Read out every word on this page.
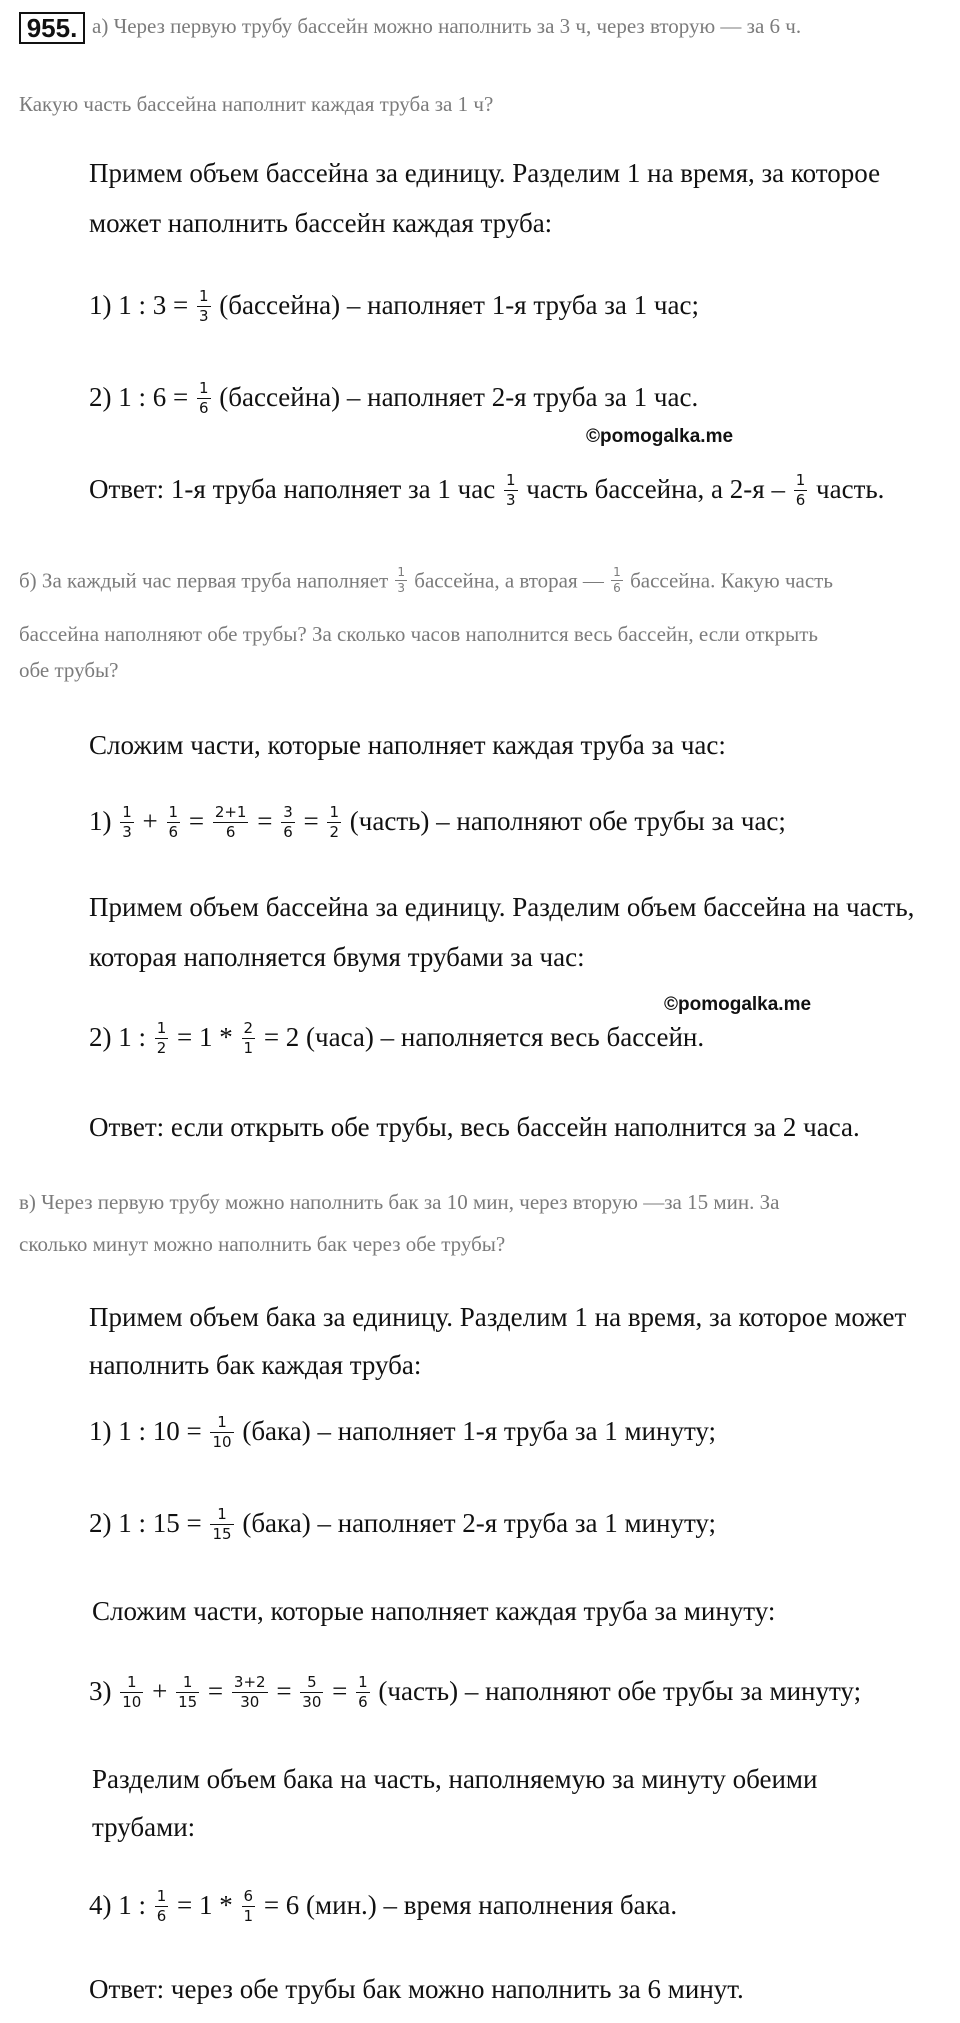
955. а) Через первую трубу бассейн можно наполнить за 3 ч, через вторую — за 6 ч.
Какую часть бассейна наполнит каждая труба за 1 ч?
Примем объем бассейна за единицу. Разделим 1 на время, за которое
может наполнить бассейн каждая труба:
1) 1 : $3 = \frac{1}{3}$ (бассейна) – наполняет 1-я труба за 1 час;
2) 1 : $6 = \frac{1}{6}$ (бассейна) – наполняет 2-я труба за 1 час.
©pomogalka.me
Ответ: 1-я труба наполняет за 1 час $\frac{1}{3}$ часть бассейна, а $2-я - \frac{1}{6}$ часть.
б) За каждый час первая труба наполняет $\frac{1}{3}$ бассейна, а вторая — $\frac{1}{6}$ бассейна. Какую часть
бассейна наполняют обе трубы? За сколько часов наполнится весь бассейн, если открыть
обе трубы?
Сложим части, которые наполняет каждая труба за час:
$1) \frac{1}{3} + \frac{1}{6} = \frac{2+1}{6} = \frac{3}{6} = \frac{1}{2}$ (часть) – наполняют обе трубы за час;
Примем объем бассейна за единицу. Разделим объем бассейна на часть,
которая наполняется бвумя трубами за час:
©pomogalka.me
2) 1 : $\frac{1}{2} = 1 * \frac{2}{1} = 2$ (часа) – наполняется весь бассейн.
Ответ: если открыть обе трубы, весь бассейн наполнится за 2 часа.
в) Через первую трубу можно наполнить бак за 10 мин, через вторую —за 15 мин. За
сколько минут можно наполнить бак через обе трубы?
Примем объем бака за единицу. Разделим 1 на время, за которое может
наполнить бак каждая труба:
1) 1 : $10 = \frac{1}{10}$ (бака) – наполняет 1-я труба за 1 минуту;
2) 1 : $15 = \frac{1}{15}$ (бака) – наполняет 2-я труба за 1 минуту;
Сложим части, которые наполняет каждая труба за минуту:
$3) \frac{1}{10} + \frac{1}{15} = \frac{3+2}{30} = \frac{5}{30} = \frac{1}{6}$ (часть) – наполняют обе трубы за минуту;
Разделим объем бака на часть, наполняемую за минуту обеими
трубами:
4) 1 : $\frac{1}{6} = 1 * \frac{6}{1} = 6$ (мин.) – время наполнения бака.
Ответ: через обе трубы бак можно наполнить за 6 минут.
